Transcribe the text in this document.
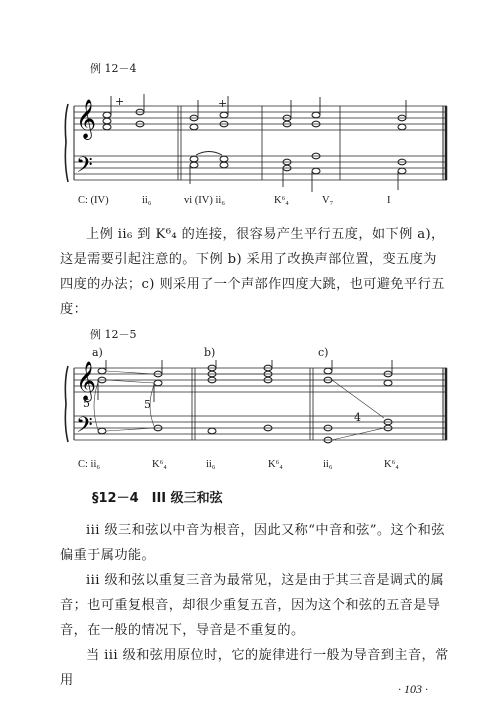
例 12－4
𝄞
𝄢
+	+
C: (IV)	ii₆	vi (IV) ii₆	K⁶₄	V₇	I

上例 ii₆ 到 K⁶₄ 的连接，很容易产生平行五度，如下例 a)，这是需要引起注意的。下例 b) 采用了改换声部位置，变五度为四度的办法；c) 则采用了一个声部作四度大跳，也可避免平行五度：

例 12－5
a)	b)	c)
𝄞
𝄢
5	5
4
C: ii₆	K⁶₄	ii₆	K⁶₄	ii₆	K⁶₄
§12－4　III 级三和弦

iii 级三和弦以中音为根音，因此又称“中音和弦”。这个和弦偏重于属功能。

iii 级和弦以重复三音为最常见，这是由于其三音是调式的属音；也可重复根音，却很少重复五音，因为这个和弦的五音是导音，在一般的情况下，导音是不重复的。

当 iii 级和弦用原位时，它的旋律进行一般为导音到主音，常用

· 103 ·
